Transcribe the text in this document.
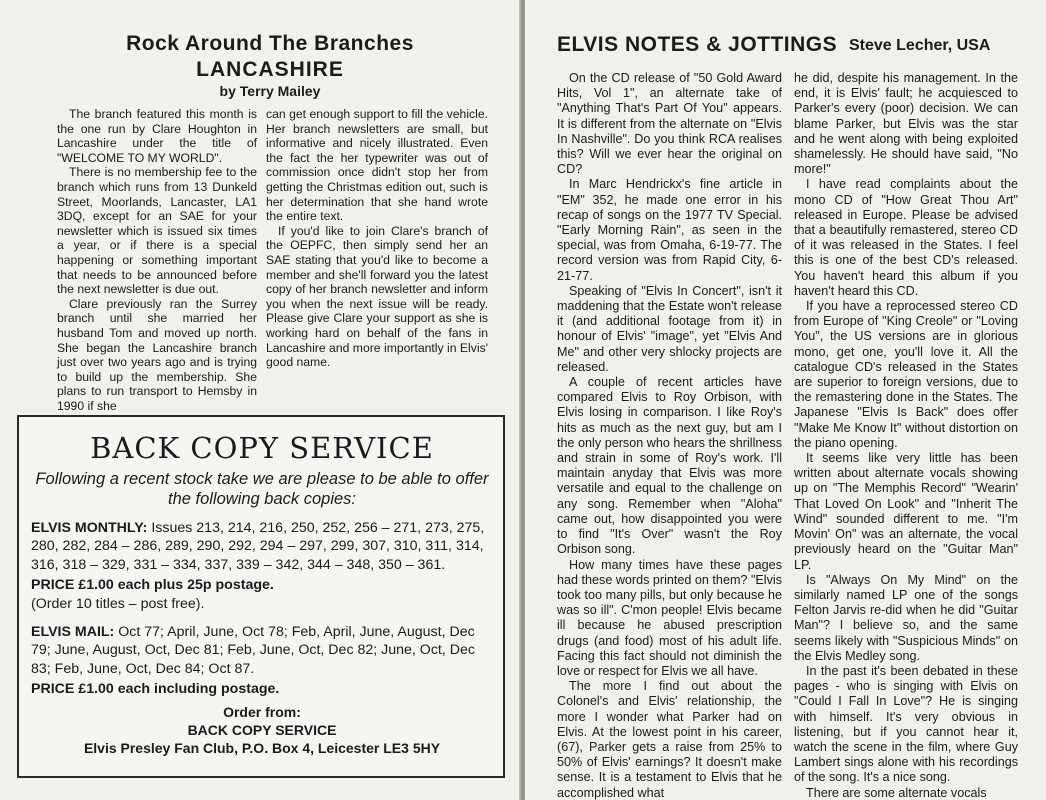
Rock Around The Branches
LANCASHIRE
by Terry Mailey

The branch featured this month is the one run by Clare Houghton in Lancashire under the title of "WELCOME TO MY WORLD".

There is no membership fee to the branch which runs from 13 Dunkeld Street, Moorlands, Lancaster, LA1 3DQ, except for an SAE for your newsletter which is issued six times a year, or if there is a special happening or something important that needs to be announced before the next newsletter is due out.

Clare previously ran the Surrey branch until she married her husband Tom and moved up north. She began the Lancashire branch just over two years ago and is trying to build up the membership. She plans to run transport to Hemsby in 1990 if she

can get enough support to fill the vehicle. Her branch newsletters are small, but informative and nicely illustrated. Even the fact the her typewriter was out of commission once didn't stop her from getting the Christmas edition out, such is her determination that she hand wrote the entire text.

If you'd like to join Clare's branch of the OEPFC, then simply send her an SAE stating that you'd like to become a member and she'll forward you the latest copy of her branch newsletter and inform you when the next issue will be ready. Please give Clare your support as she is working hard on behalf of the fans in Lancashire and more importantly in Elvis' good name.

BACK COPY SERVICE
Following a recent stock take we are please to be able to offer the following back copies:
ELVIS MONTHLY: Issues 213, 214, 216, 250, 252, 256 – 271, 273, 275, 280, 282, 284 – 286, 289, 290, 292, 294 – 297, 299, 307, 310, 311, 314, 316, 318 – 329, 331 – 334, 337, 339 – 342, 344 – 348, 350 – 361.
PRICE £1.00 each plus 25p postage.
(Order 10 titles – post free).
ELVIS MAIL: Oct 77; April, June, Oct 78; Feb, April, June, August, Dec 79; June, August, Oct, Dec 81; Feb, June, Oct, Dec 82; June, Oct, Dec 83; Feb, June, Oct, Dec 84; Oct 87.
PRICE £1.00 each including postage.
Order from:
BACK COPY SERVICE
Elvis Presley Fan Club, P.O. Box 4, Leicester LE3 5HY
ELVIS NOTES & JOTTINGS Steve Lecher, USA

On the CD release of "50 Gold Award Hits, Vol 1", an alternate take of "Anything That's Part Of You" appears. It is different from the alternate on "Elvis In Nashville". Do you think RCA realises this? Will we ever hear the original on CD?

In Marc Hendrickx's fine article in "EM" 352, he made one error in his recap of songs on the 1977 TV Special. "Early Morning Rain", as seen in the special, was from Omaha, 6-19-77. The record version was from Rapid City, 6-21-77.

Speaking of "Elvis In Concert", isn't it maddening that the Estate won't release it (and additional footage from it) in honour of Elvis' "image", yet "Elvis And Me" and other very shlocky projects are released.

A couple of recent articles have compared Elvis to Roy Orbison, with Elvis losing in comparison. I like Roy's hits as much as the next guy, but am I the only person who hears the shrillness and strain in some of Roy's work. I'll maintain anyday that Elvis was more versatile and equal to the challenge on any song. Remember when "Aloha" came out, how disappointed you were to find "It's Over" wasn't the Roy Orbison song.

How many times have these pages had these words printed on them? "Elvis took too many pills, but only because he was so ill". C'mon people! Elvis became ill because he abused prescription drugs (and food) most of his adult life. Facing this fact should not diminish the love or respect for Elvis we all have.

The more I find out about the Colonel's and Elvis' relationship, the more I wonder what Parker had on Elvis. At the lowest point in his career, (67), Parker gets a raise from 25% to 50% of Elvis' earnings? It doesn't make sense. It is a testament to Elvis that he accomplished what

he did, despite his management. In the end, it is Elvis' fault; he acquiesced to Parker's every (poor) decision. We can blame Parker, but Elvis was the star and he went along with being exploited shamelessly. He should have said, "No more!"

I have read complaints about the mono CD of "How Great Thou Art" released in Europe. Please be advised that a beautifully remastered, stereo CD of it was released in the States. I feel this is one of the best CD's released. You haven't heard this album if you haven't heard this CD.

If you have a reprocessed stereo CD from Europe of "King Creole" or "Loving You", the US versions are in glorious mono, get one, you'll love it. All the catalogue CD's released in the States are superior to foreign versions, due to the remastering done in the States. The Japanese "Elvis Is Back" does offer "Make Me Know It" without distortion on the piano opening.

It seems like very little has been written about alternate vocals showing up on "The Memphis Record" "Wearin' That Loved On Look" and "Inherit The Wind" sounded different to me. "I'm Movin' On" was an alternate, the vocal previously heard on the "Guitar Man" LP.

Is "Always On My Mind" on the similarly named LP one of the songs Felton Jarvis re-did when he did "Guitar Man"? I believe so, and the same seems likely with "Suspicious Minds" on the Elvis Medley song.

In the past it's been debated in these pages - who is singing with Elvis on "Could I Fall In Love"? He is singing with himself. It's very obvious in listening, but if you cannot hear it, watch the scene in the film, where Guy Lambert sings alone with his recordings of the song. It's a nice song.

There are some alternate vocals
